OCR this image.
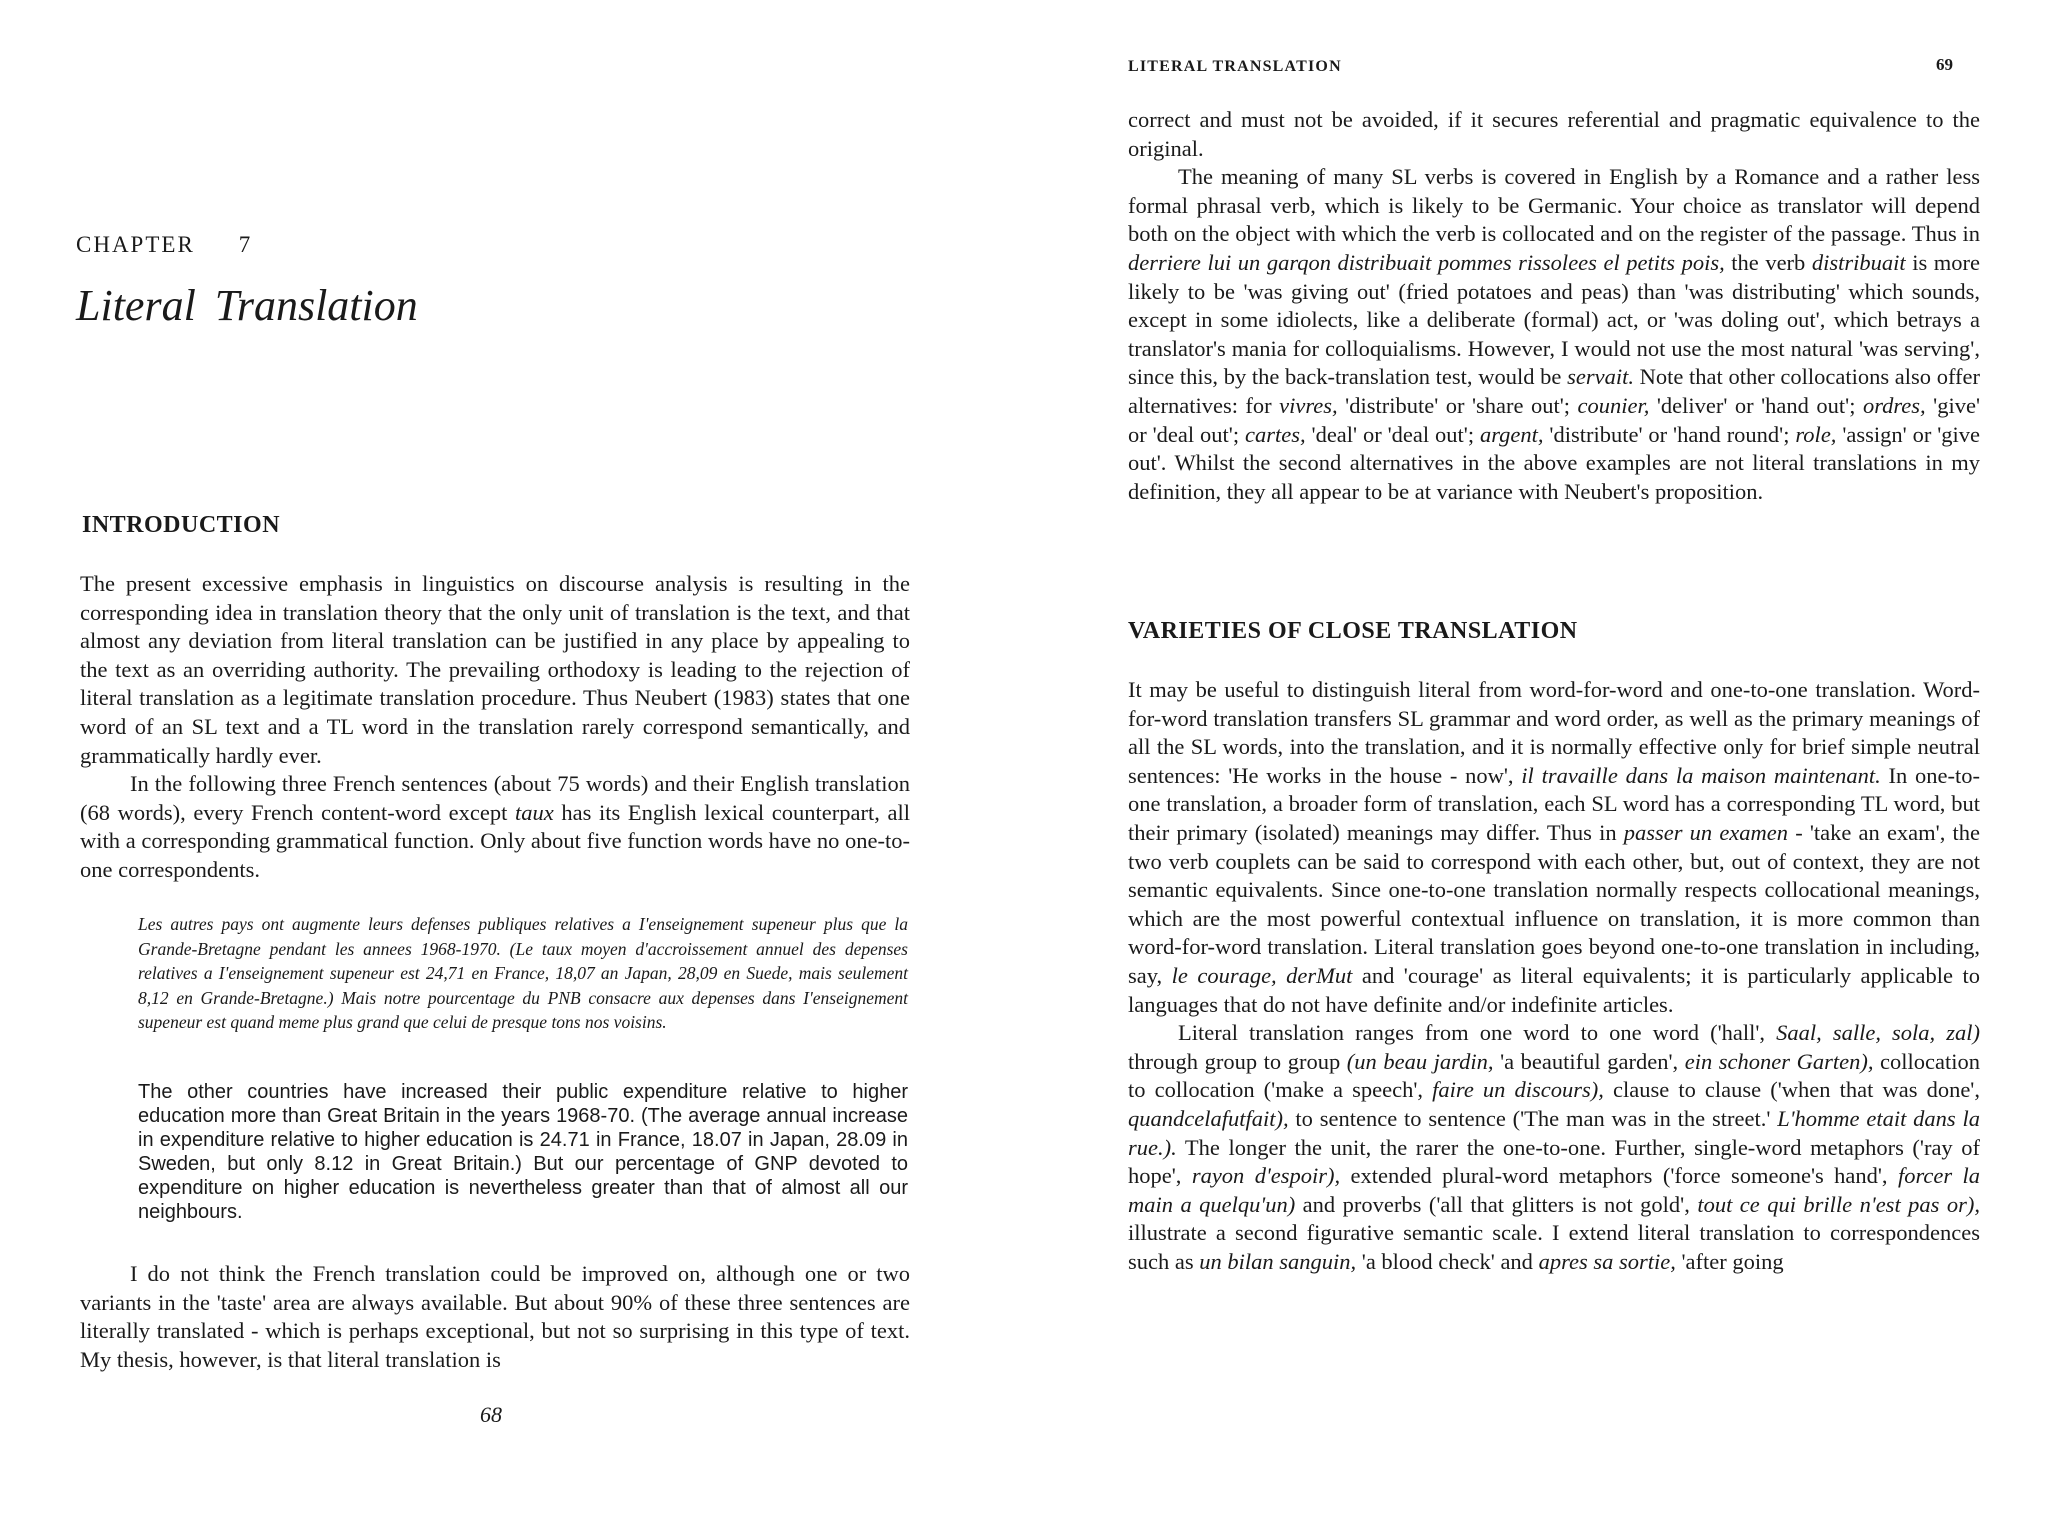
CHAPTER 7
Literal Translation
INTRODUCTION

The present excessive emphasis in linguistics on discourse analysis is resulting in the corresponding idea in translation theory that the only unit of translation is the text, and that almost any deviation from literal translation can be justified in any place by appealing to the text as an overriding authority. The prevailing orthodoxy is leading to the rejection of literal translation as a legitimate translation procedure. Thus Neubert (1983) states that one word of an SL text and a TL word in the translation rarely correspond semantically, and grammatically hardly ever.

In the following three French sentences (about 75 words) and their English translation (68 words), every French content-word except taux has its English lexical counterpart, all with a corresponding grammatical function. Only about five function words have no one-to-one correspondents.

Les autres pays ont augmente leurs defenses publiques relatives a I'enseignement supeneur plus que la Grande-Bretagne pendant les annees 1968-1970. (Le taux moyen d'accroissement annuel des depenses relatives a I'enseignement supeneur est 24,71 en France, 18,07 an Japan, 28,09 en Suede, mais seulement 8,12 en Grande-Bretagne.) Mais notre pourcentage du PNB consacre aux depenses dans I'enseignement supeneur est quand meme plus grand que celui de presque tons nos voisins.
The other countries have increased their public expenditure relative to higher education more than Great Britain in the years 1968-70. (The average annual increase in expenditure relative to higher education is 24.71 in France, 18.07 in Japan, 28.09 in Sweden, but only 8.12 in Great Britain.) But our percentage of GNP devoted to expenditure on higher education is nevertheless greater than that of almost all our neighbours.

I do not think the French translation could be improved on, although one or two variants in the 'taste' area are always available. But about 90% of these three sentences are literally translated - which is perhaps exceptional, but not so surprising in this type of text. My thesis, however, is that literal translation is

68
LITERAL TRANSLATION	69

correct and must not be avoided, if it secures referential and pragmatic equivalence to the original.

The meaning of many SL verbs is covered in English by a Romance and a rather less formal phrasal verb, which is likely to be Germanic. Your choice as translator will depend both on the object with which the verb is collocated and on the register of the passage. Thus in derriere lui un garqon distribuait pommes rissolees el petits pois, the verb distribuait is more likely to be 'was giving out' (fried potatoes and peas) than 'was distributing' which sounds, except in some idiolects, like a deliberate (formal) act, or 'was doling out', which betrays a translator's mania for colloquialisms. However, I would not use the most natural 'was serving', since this, by the back-translation test, would be servait. Note that other collocations also offer alternatives: for vivres, 'distribute' or 'share out'; counier, 'deliver' or 'hand out'; ordres, 'give' or 'deal out'; cartes, 'deal' or 'deal out'; argent, 'distribute' or 'hand round'; role, 'assign' or 'give out'. Whilst the second alternatives in the above examples are not literal translations in my definition, they all appear to be at variance with Neubert's proposition.

VARIETIES OF CLOSE TRANSLATION

It may be useful to distinguish literal from word-for-word and one-to-one translation. Word-for-word translation transfers SL grammar and word order, as well as the primary meanings of all the SL words, into the translation, and it is normally effective only for brief simple neutral sentences: 'He works in the house - now', il travaille dans la maison maintenant. In one-to-one translation, a broader form of translation, each SL word has a corresponding TL word, but their primary (isolated) meanings may differ. Thus in passer un examen - 'take an exam', the two verb couplets can be said to correspond with each other, but, out of context, they are not semantic equivalents. Since one-to-one translation normally respects collocational meanings, which are the most powerful contextual influence on translation, it is more common than word-for-word translation. Literal translation goes beyond one-to-one translation in including, say, le courage, derMut and 'courage' as literal equivalents; it is particularly applicable to languages that do not have definite and/or indefinite articles.

Literal translation ranges from one word to one word ('hall', Saal, salle, sola, zal) through group to group (un beau jardin, 'a beautiful garden', ein schoner Garten), collocation to collocation ('make a speech', faire un discours), clause to clause ('when that was done', quandcelafutfait), to sentence to sentence ('The man was in the street.' L'homme etait dans la rue.). The longer the unit, the rarer the one-to-one. Further, single-word metaphors ('ray of hope', rayon d'espoir), extended plural-word metaphors ('force someone's hand', forcer la main a quelqu'un) and proverbs ('all that glitters is not gold', tout ce qui brille n'est pas or), illustrate a second figurative semantic scale. I extend literal translation to correspondences such as un bilan sanguin, 'a blood check' and apres sa sortie, 'after going
